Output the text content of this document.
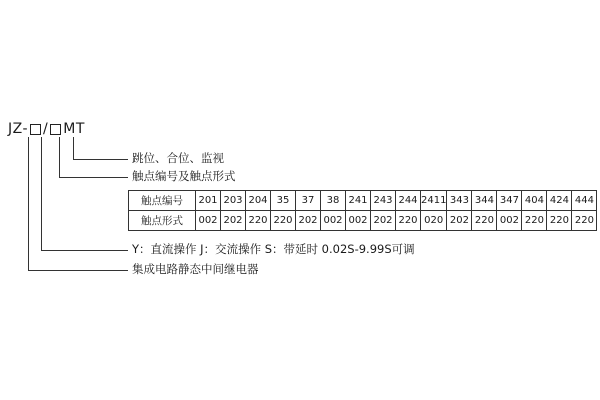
JZ- / MT
跳位、合位、监视
触点编号及触点形式
Y：直流操作 J：交流操作 S：带延时 0.02S-9.99S可调
集成电路静态中间继电器
触点编号	201	203	204	35	37	38	241	243	244	2411	343	344	347	404	424	444
触点形式	002	202	220	220	202	002	002	202	220	020	202	220	002	220	220	220
